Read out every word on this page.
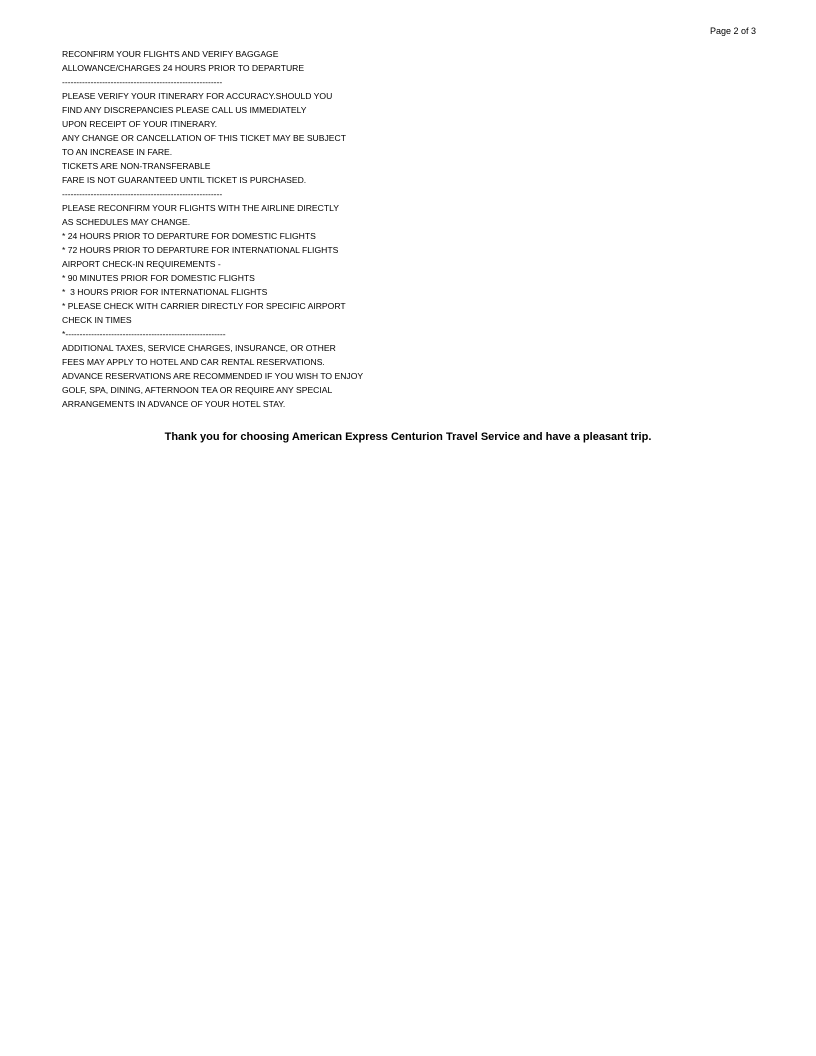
Page 2 of 3
RECONFIRM YOUR FLIGHTS AND VERIFY BAGGAGE
ALLOWANCE/CHARGES 24 HOURS PRIOR TO DEPARTURE
--------------------------------------------------------
PLEASE VERIFY YOUR ITINERARY FOR ACCURACY.SHOULD YOU
FIND ANY DISCREPANCIES PLEASE CALL US IMMEDIATELY
UPON RECEIPT OF YOUR ITINERARY.
ANY CHANGE OR CANCELLATION OF THIS TICKET MAY BE SUBJECT
TO AN INCREASE IN FARE.
TICKETS ARE NON-TRANSFERABLE
FARE IS NOT GUARANTEED UNTIL TICKET IS PURCHASED.
--------------------------------------------------------
PLEASE RECONFIRM YOUR FLIGHTS WITH THE AIRLINE DIRECTLY
AS SCHEDULES MAY CHANGE.
* 24 HOURS PRIOR TO DEPARTURE FOR DOMESTIC FLIGHTS
* 72 HOURS PRIOR TO DEPARTURE FOR INTERNATIONAL FLIGHTS
AIRPORT CHECK-IN REQUIREMENTS -
* 90 MINUTES PRIOR FOR DOMESTIC FLIGHTS
*  3 HOURS PRIOR FOR INTERNATIONAL FLIGHTS
* PLEASE CHECK WITH CARRIER DIRECTLY FOR SPECIFIC AIRPORT
CHECK IN TIMES
*--------------------------------------------------------
ADDITIONAL TAXES, SERVICE CHARGES, INSURANCE, OR OTHER
FEES MAY APPLY TO HOTEL AND CAR RENTAL RESERVATIONS.
ADVANCE RESERVATIONS ARE RECOMMENDED IF YOU WISH TO ENJOY
GOLF, SPA, DINING, AFTERNOON TEA OR REQUIRE ANY SPECIAL
ARRANGEMENTS IN ADVANCE OF YOUR HOTEL STAY.
Thank you for choosing American Express Centurion Travel Service and have a pleasant trip.
